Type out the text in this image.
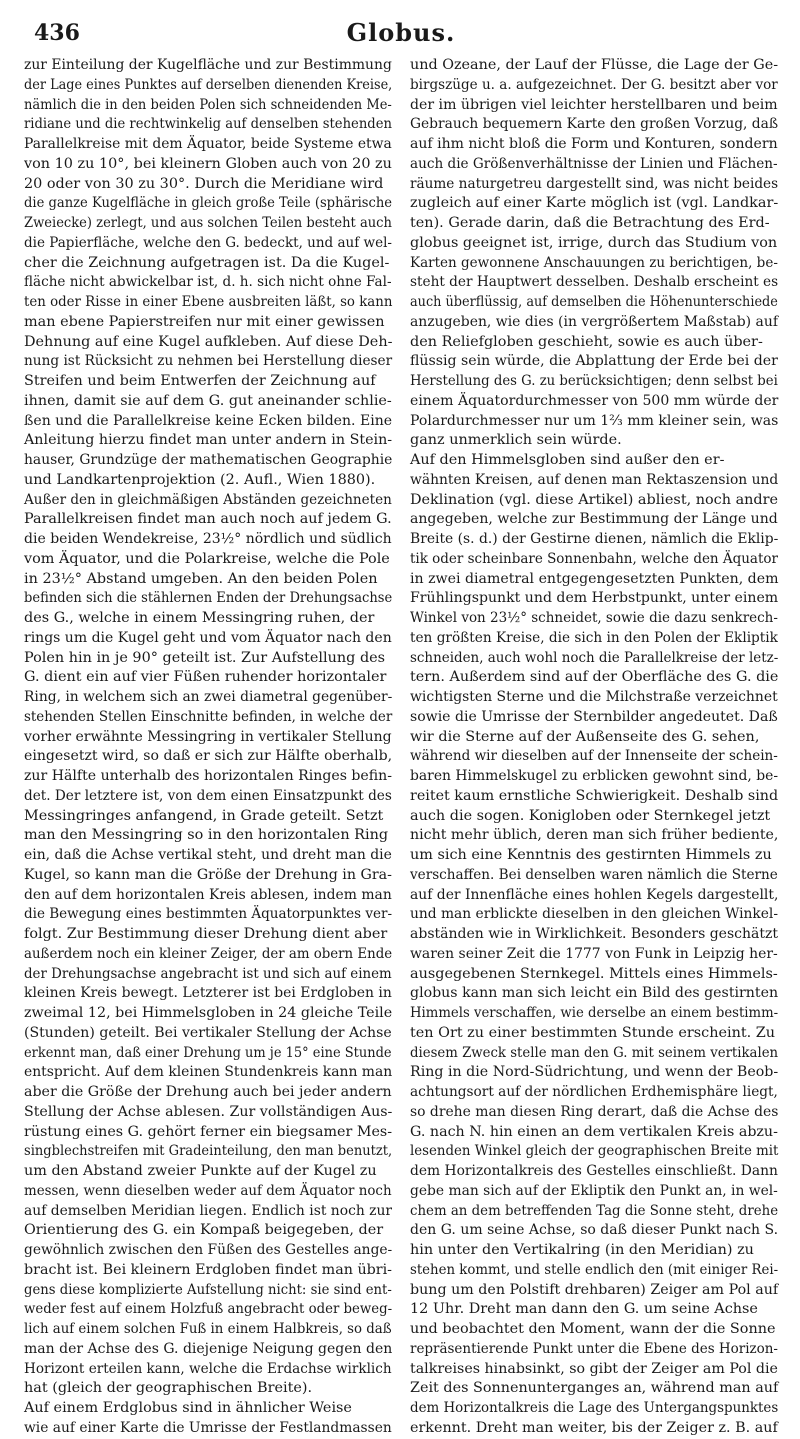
436	Globus.
zur Einteilung der Kugelfläche und zur Bestimmung
der Lage eines Punktes auf derselben dienenden Kreise,
nämlich die in den beiden Polen sich schneidenden Me-
ridiane und die rechtwinkelig auf denselben stehenden
Parallelkreise mit dem Äquator, beide Systeme etwa
von 10 zu 10°, bei kleinern Globen auch von 20 zu
20 oder von 30 zu 30°. Durch die Meridiane wird
die ganze Kugelfläche in gleich große Teile (sphärische
Zweiecke) zerlegt, und aus solchen Teilen besteht auch
die Papierfläche, welche den G. bedeckt, und auf wel-
cher die Zeichnung aufgetragen ist. Da die Kugel-
fläche nicht abwickelbar ist, d. h. sich nicht ohne Fal-
ten oder Risse in einer Ebene ausbreiten läßt, so kann
man ebene Papierstreifen nur mit einer gewissen
Dehnung auf eine Kugel aufkleben. Auf diese Deh-
nung ist Rücksicht zu nehmen bei Herstellung dieser
Streifen und beim Entwerfen der Zeichnung auf
ihnen, damit sie auf dem G. gut aneinander schlie-
ßen und die Parallelkreise keine Ecken bilden. Eine
Anleitung hierzu findet man unter andern in Stein-
hauser, Grundzüge der mathematischen Geographie
und Landkartenprojektion (2. Aufl., Wien 1880).
Außer den in gleichmäßigen Abständen gezeichneten
Parallelkreisen findet man auch noch auf jedem G.
die beiden Wendekreise, 23½° nördlich und südlich
vom Äquator, und die Polarkreise, welche die Pole
in 23½° Abstand umgeben. An den beiden Polen
befinden sich die stählernen Enden der Drehungsachse
des G., welche in einem Messingring ruhen, der
rings um die Kugel geht und vom Äquator nach den
Polen hin in je 90° geteilt ist. Zur Aufstellung des
G. dient ein auf vier Füßen ruhender horizontaler
Ring, in welchem sich an zwei diametral gegenüber-
stehenden Stellen Einschnitte befinden, in welche der
vorher erwähnte Messingring in vertikaler Stellung
eingesetzt wird, so daß er sich zur Hälfte oberhalb,
zur Hälfte unterhalb des horizontalen Ringes befin-
det. Der letztere ist, von dem einen Einsatzpunkt des
Messingringes anfangend, in Grade geteilt. Setzt
man den Messingring so in den horizontalen Ring
ein, daß die Achse vertikal steht, und dreht man die
Kugel, so kann man die Größe der Drehung in Gra-
den auf dem horizontalen Kreis ablesen, indem man
die Bewegung eines bestimmten Äquatorpunktes ver-
folgt. Zur Bestimmung dieser Drehung dient aber
außerdem noch ein kleiner Zeiger, der am obern Ende
der Drehungsachse angebracht ist und sich auf einem
kleinen Kreis bewegt. Letzterer ist bei Erdgloben in
zweimal 12, bei Himmelsgloben in 24 gleiche Teile
(Stunden) geteilt. Bei vertikaler Stellung der Achse
erkennt man, daß einer Drehung um je 15° eine Stunde
entspricht. Auf dem kleinen Stundenkreis kann man
aber die Größe der Drehung auch bei jeder andern
Stellung der Achse ablesen. Zur vollständigen Aus-
rüstung eines G. gehört ferner ein biegsamer Mes-
singblechstreifen mit Gradeinteilung, den man benutzt,
um den Abstand zweier Punkte auf der Kugel zu
messen, wenn dieselben weder auf dem Äquator noch
auf demselben Meridian liegen. Endlich ist noch zur
Orientierung des G. ein Kompaß beigegeben, der
gewöhnlich zwischen den Füßen des Gestelles ange-
bracht ist. Bei kleinern Erdgloben findet man übri-
gens diese komplizierte Aufstellung nicht: sie sind ent-
weder fest auf einem Holzfuß angebracht oder beweg-
lich auf einem solchen Fuß in einem Halbkreis, so daß
man der Achse des G. diejenige Neigung gegen den
Horizont erteilen kann, welche die Erdachse wirklich
hat (gleich der geographischen Breite).
Auf einem Erdglobus sind in ähnlicher Weise
wie auf einer Karte die Umrisse der Festlandmassen
und Ozeane, der Lauf der Flüsse, die Lage der Ge-
birgszüge u. a. aufgezeichnet. Der G. besitzt aber vor
der im übrigen viel leichter herstellbaren und beim
Gebrauch bequemern Karte den großen Vorzug, daß
auf ihm nicht bloß die Form und Konturen, sondern
auch die Größenverhältnisse der Linien und Flächen-
räume naturgetreu dargestellt sind, was nicht beides
zugleich auf einer Karte möglich ist (vgl. Landkar-
ten). Gerade darin, daß die Betrachtung des Erd-
globus geeignet ist, irrige, durch das Studium von
Karten gewonnene Anschauungen zu berichtigen, be-
steht der Hauptwert desselben. Deshalb erscheint es
auch überflüssig, auf demselben die Höhenunterschiede
anzugeben, wie dies (in vergrößertem Maßstab) auf
den Reliefgloben geschieht, sowie es auch über-
flüssig sein würde, die Abplattung der Erde bei der
Herstellung des G. zu berücksichtigen; denn selbst bei
einem Äquatordurchmesser von 500 mm würde der
Polardurchmesser nur um 1⅔ mm kleiner sein, was
ganz unmerklich sein würde.
Auf den Himmelsgloben sind außer den er-
wähnten Kreisen, auf denen man Rektaszension und
Deklination (vgl. diese Artikel) abliest, noch andre
angegeben, welche zur Bestimmung der Länge und
Breite (s. d.) der Gestirne dienen, nämlich die Eklip-
tik oder scheinbare Sonnenbahn, welche den Äquator
in zwei diametral entgegengesetzten Punkten, dem
Frühlingspunkt und dem Herbstpunkt, unter einem
Winkel von 23½° schneidet, sowie die dazu senkrech-
ten größten Kreise, die sich in den Polen der Ekliptik
schneiden, auch wohl noch die Parallelkreise der letz-
tern. Außerdem sind auf der Oberfläche des G. die
wichtigsten Sterne und die Milchstraße verzeichnet
sowie die Umrisse der Sternbilder angedeutet. Daß
wir die Sterne auf der Außenseite des G. sehen,
während wir dieselben auf der Innenseite der schein-
baren Himmelskugel zu erblicken gewohnt sind, be-
reitet kaum ernstliche Schwierigkeit. Deshalb sind
auch die sogen. Konigloben oder Sternkegel jetzt
nicht mehr üblich, deren man sich früher bediente,
um sich eine Kenntnis des gestirnten Himmels zu
verschaffen. Bei denselben waren nämlich die Sterne
auf der Innenfläche eines hohlen Kegels dargestellt,
und man erblickte dieselben in den gleichen Winkel-
abständen wie in Wirklichkeit. Besonders geschätzt
waren seiner Zeit die 1777 von Funk in Leipzig her-
ausgegebenen Sternkegel. Mittels eines Himmels-
globus kann man sich leicht ein Bild des gestirnten
Himmels verschaffen, wie derselbe an einem bestimm-
ten Ort zu einer bestimmten Stunde erscheint. Zu
diesem Zweck stelle man den G. mit seinem vertikalen
Ring in die Nord-Südrichtung, und wenn der Beob-
achtungsort auf der nördlichen Erdhemisphäre liegt,
so drehe man diesen Ring derart, daß die Achse des
G. nach N. hin einen an dem vertikalen Kreis abzu-
lesenden Winkel gleich der geographischen Breite mit
dem Horizontalkreis des Gestelles einschließt. Dann
gebe man sich auf der Ekliptik den Punkt an, in wel-
chem an dem betreffenden Tag die Sonne steht, drehe
den G. um seine Achse, so daß dieser Punkt nach S.
hin unter den Vertikalring (in den Meridian) zu
stehen kommt, und stelle endlich den (mit einiger Rei-
bung um den Polstift drehbaren) Zeiger am Pol auf
12 Uhr. Dreht man dann den G. um seine Achse
und beobachtet den Moment, wann der die Sonne
repräsentierende Punkt unter die Ebene des Horizon-
talkreises hinabsinkt, so gibt der Zeiger am Pol die
Zeit des Sonnenunterganges an, während man auf
dem Horizontalkreis die Lage des Untergangspunktes
erkennt. Dreht man weiter, bis der Zeiger z. B. auf
